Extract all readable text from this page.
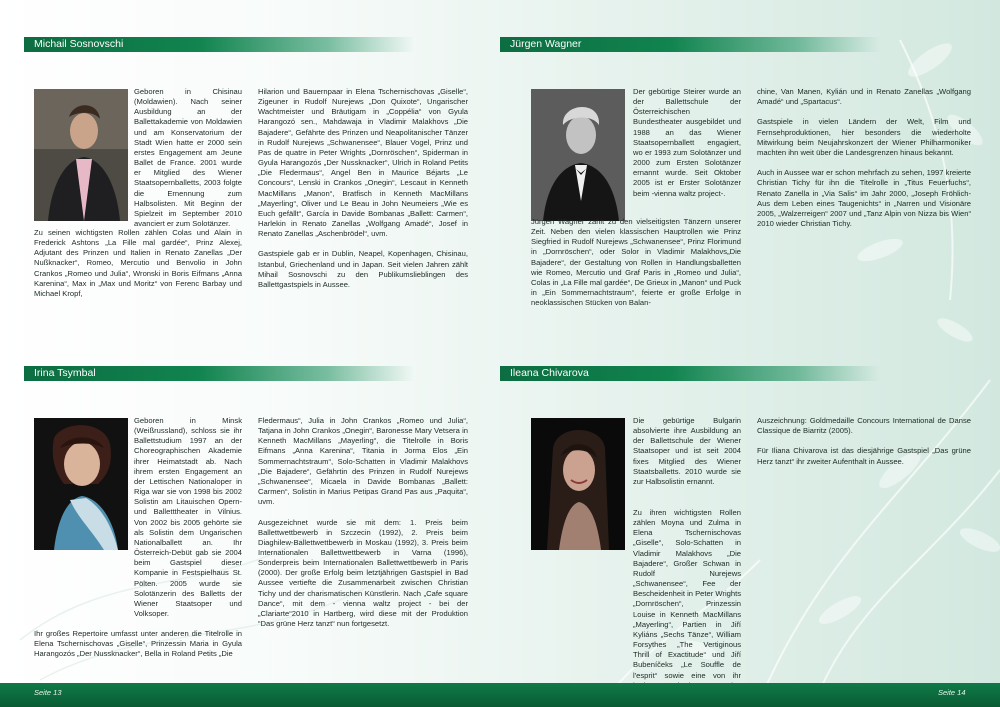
Michail Sosnovschi

Geboren in Chisinau (Moldawien). Nach seiner Ausbildung an der Ballettakademie von Moldawien und am Konservatorium der Stadt Wien hatte er 2000 sein erstes Engagement am Jeune Ballet de France. 2001 wurde er Mitglied des Wiener Staatsopernballetts, 2003 folgte die Ernennung zum Halbsolisten. Mit Beginn der Spielzeit im September 2010 avanciert er zum Solotänzer.

Zu seinen wichtigsten Rollen zählen Colas und Alain in Frederick Ashtons „La Fille mal gardée“, Prinz Alexej, Adjutant des Prinzen und Italien in Renato Zanellas „Der Nußknacker“, Romeo, Mercutio und Benvolio in John Crankos „Romeo und Julia“, Wronski in Boris Eifmans „Anna Karenina“, Max in „Max und Moritz“ von Ferenc Barbay und Michael Kropf,

Hilarion und Bauernpaar in Elena Tschernischovas „Giselle“, Zigeuner in Rudolf Nurejews „Don Quixote“, Ungarischer Wachtmeister und Bräutigam in „Coppélia“ von Gyula Harangozó sen., Mahdawaja in Vladimir Malakhovs „Die Bajadere“, Gefährte des Prinzen und Neapolitanischer Tänzer in Rudolf Nurejews „Schwanensee“, Blauer Vogel, Prinz und Pas de quatre in Peter Wrights „Dornröschen“, Spiderman in Gyula Harangozós „Der Nussknacker“, Ulrich in Roland Petits „Die Fledermaus“, Angel Ben in Maurice Béjarts „Le Concours“, Lenski in Crankos „Onegin“, Lescaut in Kenneth MacMillans „Manon“, Bratfisch in Kenneth MacMillans „Mayerling“, Oliver und Le Beau in John Neumeiers „Wie es Euch gefällt“, García in Davide Bombanas „Ballett: Carmen“, Harlekin in Renato Zanellas „Wolfgang Amadé“, Josef in Renato Zanellas „Aschenbrödel“, uvm.

Gastspiele gab er in Dublin, Neapel, Kopenhagen, Chisinau, Istanbul, Griechenland und in Japan. Seit vielen Jahren zählt Mihail Sosnovschi zu den Publikumslieblingen des Ballettgastspiels in Aussee.

Irina Tsymbal

Geboren in Minsk (Weißrussland), schloss sie ihr Ballettstudium 1997 an der Choreographischen Akademie ihrer Heimatstadt ab. Nach ihrem ersten Engagement an der Lettischen Nationaloper in Riga war sie von 1998 bis 2002 Solistin am Litauischen Opern- und Balletttheater in Vilnius. Von 2002 bis 2005 gehörte sie als Solistin dem Ungarischen Nationalballett an. Ihr Österreich-Debüt gab sie 2004 beim Gastspiel dieser Kompanie in Festspielhaus St. Pölten. 2005 wurde sie Solotänzerin des Balletts der Wiener Staatsoper und Volksoper.

Ihr großes Repertoire umfasst unter anderen die Titelrolle in Elena Tschernischovas „Giselle“, Prinzessin Maria in Gyula Harangozós „Der Nussknacker“, Bella in Roland Petits „Die

Fledermaus“, Julia in John Crankos „Romeo und Julia“, Tatjana in John Crankos „Onegin“, Baronesse Mary Vetsera in Kenneth MacMillans „Mayerling“, die Titelrolle in Boris Eifmans „Anna Karenina“, Titania in Jorma Elos „Ein Sommernachtstraum“, Solo-Schatten in Vladimir Malakhovs „Die Bajadere“, Gefährtin des Prinzen in Rudolf Nurejews „Schwanensee“, Micaela in Davide Bombanas „Ballett: Carmen“, Solistin in Marius Petipas Grand Pas aus „Paquita“, uvm.

Ausgezeichnet wurde sie mit dem: 1. Preis beim Ballettwettbewerb in Szczecin (1992), 2. Preis beim Diaghilew-Ballettwettbewerb in Moskau (1992), 3. Preis beim Internationalen Ballettwettbewerb in Varna (1996), Sonderpreis beim Internationalen Ballettwettbewerb in Paris (2000). Der große Erfolg beim letztjährigen Gastspiel in Bad Aussee vertiefte die Zusammenarbeit zwischen Christian Tichy und der charismatischen Künstlerin. Nach „Cafe square Dance“, mit dem - vienna waltz project - bei der „Clariarte“2010 in Hartberg, wird diese mit der Produktion “Das grüne Herz tanzt“ nun fortgesetzt.

Jürgen Wagner

Der gebürtige Steirer wurde an der Ballettschule der Österreichischen Bundestheater ausgebildet und 1988 an das Wiener Staatsopernballett engagiert, wo er 1993 zum Solotänzer und 2000 zum Ersten Solotänzer ernannt wurde. Seit Oktober 2005 ist er Erster Solotänzer beim -vienna waltz project-.

Jürgen Wagner zählt zu den vielseitigsten Tänzern unserer Zeit. Neben den vielen klassischen Hauptrollen wie Prinz Siegfried in Rudolf Nurejews „Schwanensee“, Prinz Florimund in „Dornröschen“, oder Solor in Vladimir Malakhovs„Die Bajadere“, der Gestaltung von Rollen in Handlungsballetten wie Romeo, Mercutio und Graf Paris in „Romeo und Julia“, Colas in „La Fille mal gardée“, De Grieux in „Manon“ und Puck in „Ein Sommernachtstraum“, feierte er große Erfolge in neoklassischen Stücken von Balan-

chine, Van Manen, Kylián und in Renato Zanellas „Wolfgang Amadé“ und „Spartacus“.

Gastspiele in vielen Ländern der Welt, Film und Fernsehproduktionen, hier besonders die wiederholte Mitwirkung beim Neujahrskonzert der Wiener Philharmoniker machten ihn weit über die Landesgrenzen hinaus bekannt.

Auch in Aussee war er schon mehrfach zu sehen, 1997 kreierte Christian Tichy für ihn die Titelrolle in „Titus Feuerfuchs“, Renato Zanella in „Via Salis“ im Jahr 2000, „Joseph Fröhlich- Aus dem Leben eines Taugenichts“ in „Narren und Visionäre 2005, „Walzerreigen“ 2007 und „Tanz Alpin von Nizza bis Wien“ 2010 wieder Christian Tichy.

Ileana Chivarova

Die gebürtige Bulgarin absolvierte ihre Ausbildung an der Ballettschule der Wiener Staatsoper und ist seit 2004 fixes Mitglied des Wiener Staatsballetts. 2010 wurde sie zur Halbsolistin ernannt.

Zu ihren wichtigsten Rollen zählen Moyna und Zulma in Elena Tschernischovas „Giselle“, Solo-Schatten in Vladimir Malakhovs „Die Bajadere“, Großer Schwan in Rudolf Nurejews „Schwanensee“, Fee der Bescheidenheit in Peter Wrights „Dornröschen“, Prinzessin Louise in Kenneth MacMillans „Mayerling“, Partien in Jiří Kyliáns „Sechs Tänze“, William Forsythes „The Vertiginous Thrill of Exactitude“ und Jiří Bubeníčeks „Le Souffle de l'esprit“ sowie eine von ihr

Auszeichnung: Goldmedaille Concours International de Danse Classique de Biarritz (2005).

Für Iliana Chivarova ist das diesjährige Gastspiel „Das grüne Herz tanzt“ ihr zweiter Aufenthalt in Aussee.

Seite 13	Seite 14
